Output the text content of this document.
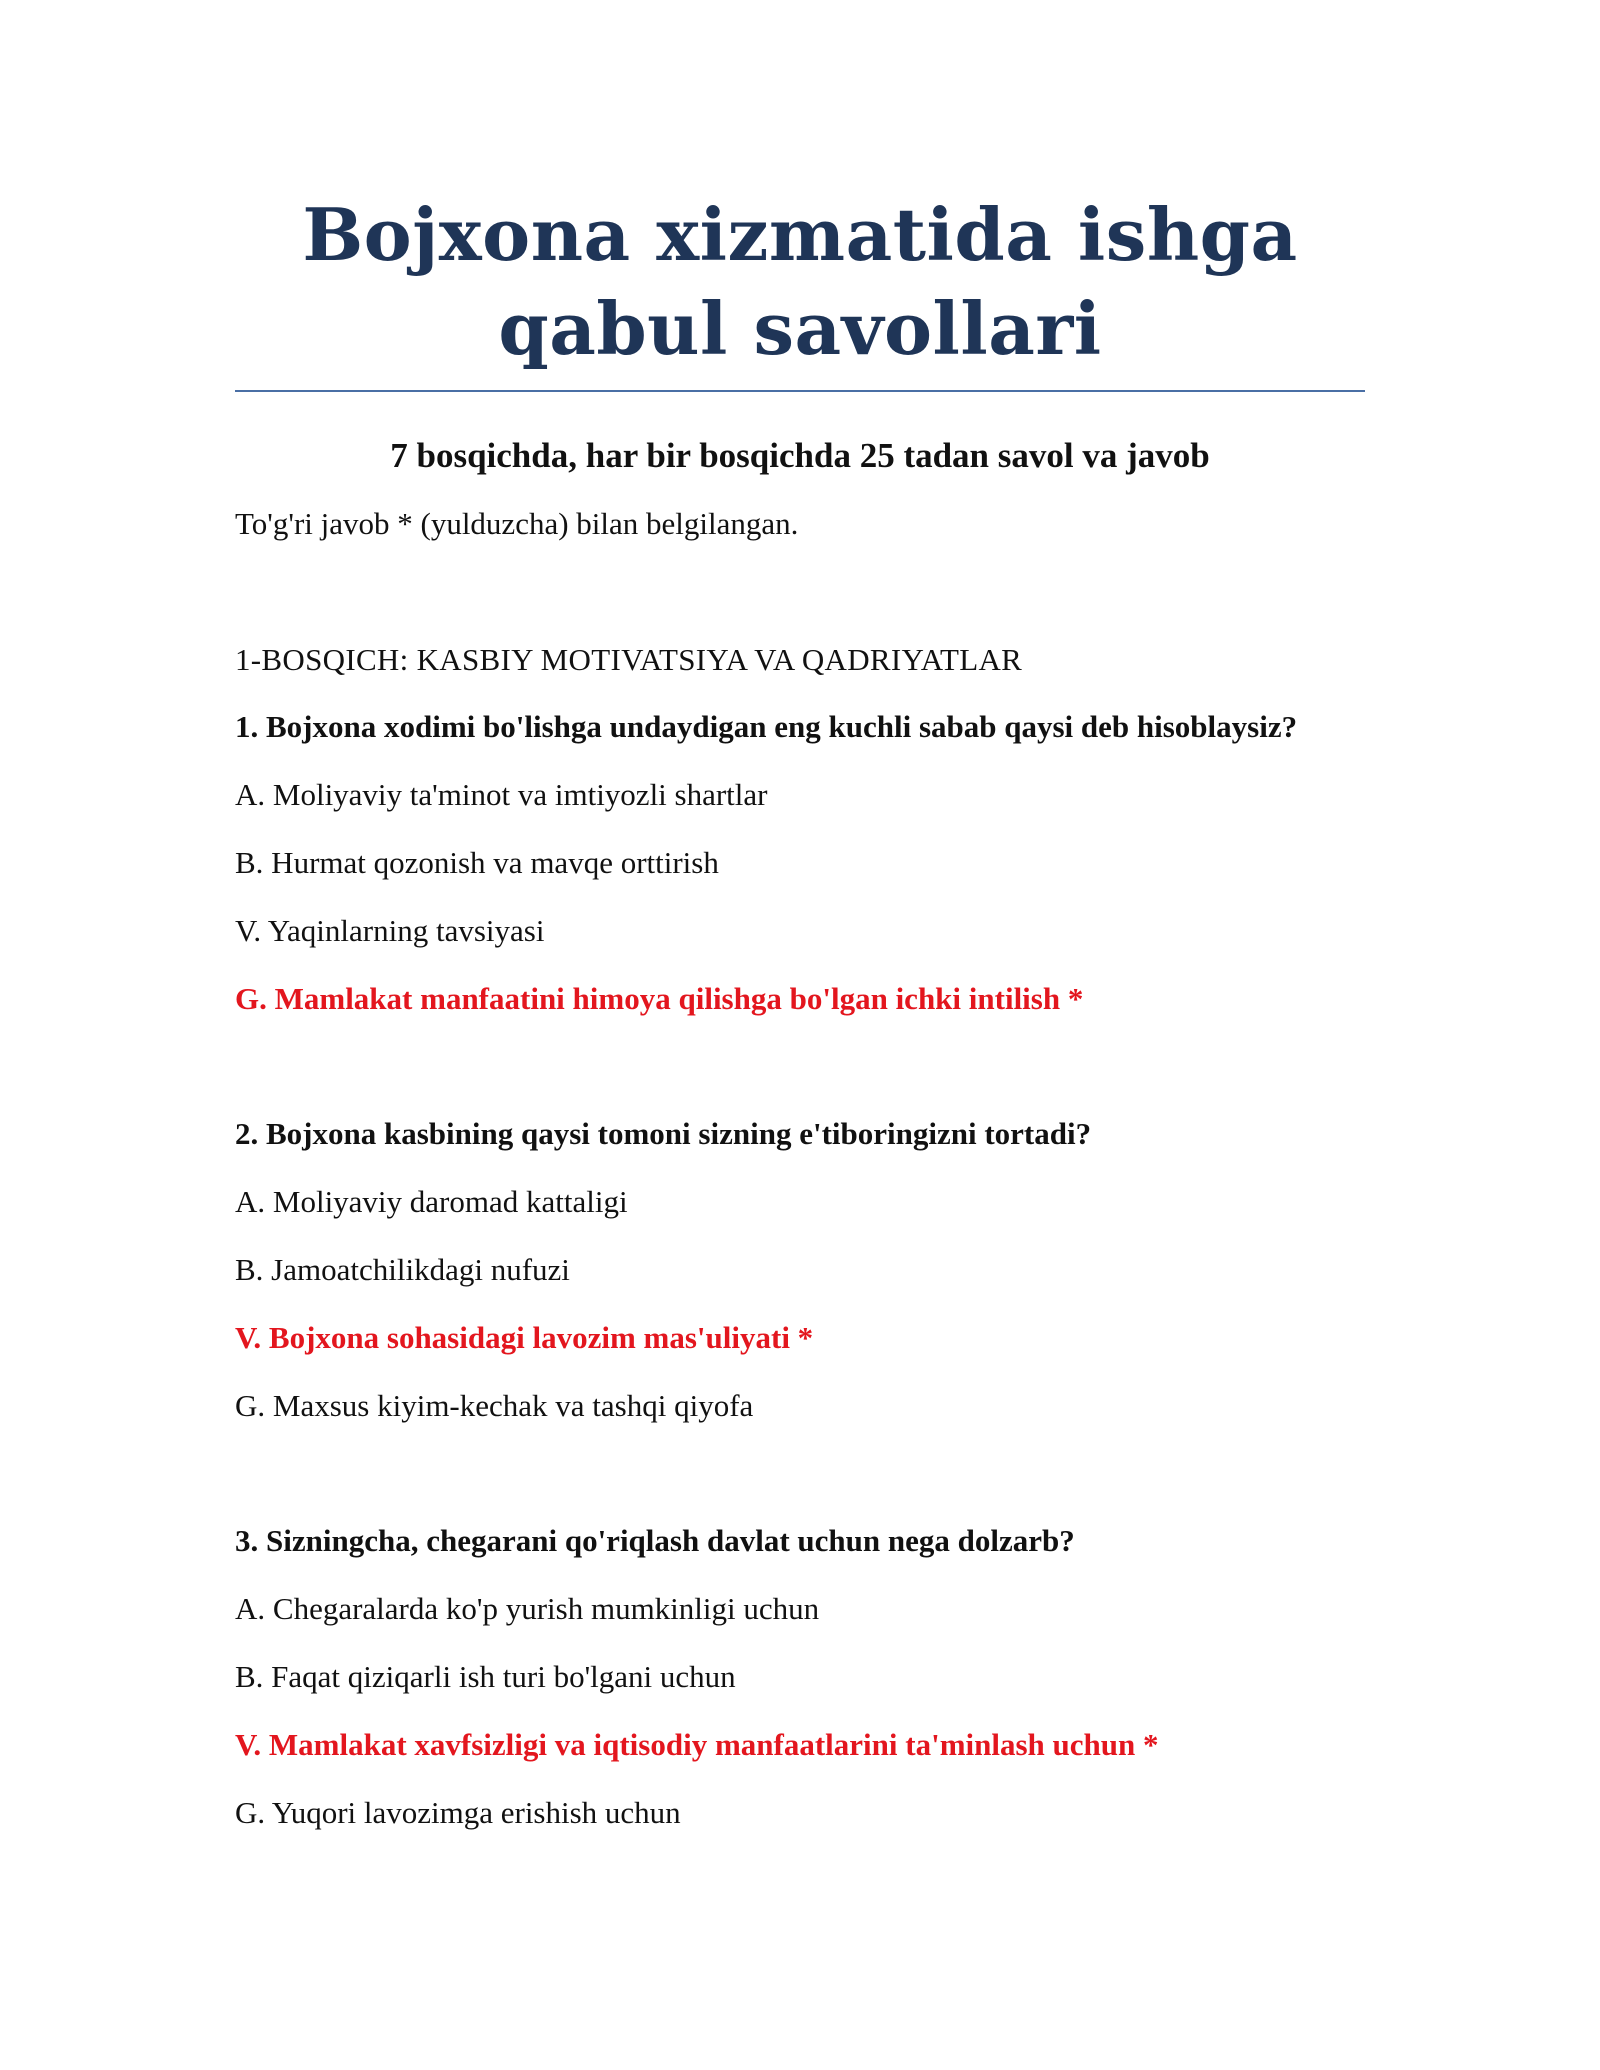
Bojxona xizmatida ishga qabul savollari
7 bosqichda, har bir bosqichda 25 tadan savol va javob

To'g'ri javob * (yulduzcha) bilan belgilangan.

1-BOSQICH: KASBIY MOTIVATSIYA VA QADRIYATLAR

1. Bojxona xodimi bo'lishga undaydigan eng kuchli sabab qaysi deb hisoblaysiz?

A. Moliyaviy ta'minot va imtiyozli shartlar

B. Hurmat qozonish va mavqe orttirish

V. Yaqinlarning tavsiyasi

G. Mamlakat manfaatini himoya qilishga bo'lgan ichki intilish *

2. Bojxona kasbining qaysi tomoni sizning e'tiboringizni tortadi?

A. Moliyaviy daromad kattaligi

B. Jamoatchilikdagi nufuzi

V. Bojxona sohasidagi lavozim mas'uliyati *

G. Maxsus kiyim-kechak va tashqi qiyofa

3. Sizningcha, chegarani qo'riqlash davlat uchun nega dolzarb?

A. Chegaralarda ko'p yurish mumkinligi uchun

B. Faqat qiziqarli ish turi bo'lgani uchun

V. Mamlakat xavfsizligi va iqtisodiy manfaatlarini ta'minlash uchun *

G. Yuqori lavozimga erishish uchun
